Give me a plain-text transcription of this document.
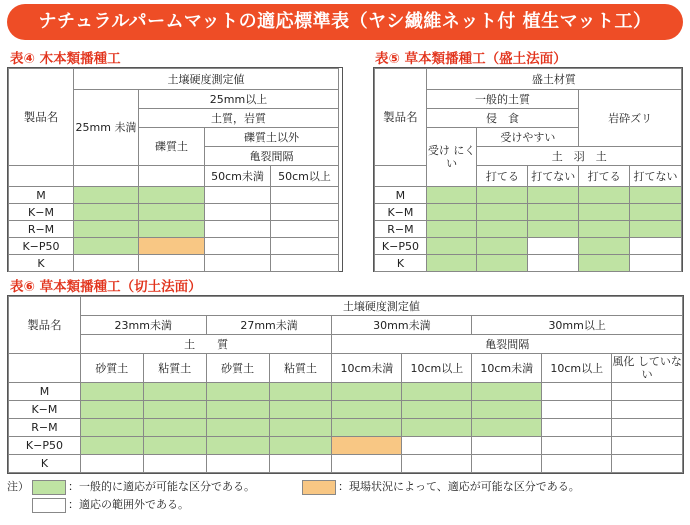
ナチュラルパームマットの適応標準表（ヤシ繊維ネット付 植生マット工）
表④ 木本類播種工
製品名	土壌硬度測定値			
	25mm 未満	25mm以上		
		土質，岩質		
		礫質土	礫質土以外	
			亀裂間隔	
			50cm未満	50cm以上
M				
K−M				
R−M				
K−P50				
K				
表⑤ 草本類播種工（盛土法面）
製品名	盛土材質				
	一般的土質			岩砕ズリ	
	侵　食				
	受け にくい	受けやすい			
		土　羽　土			
		打てる	打てない	打てる	打てない
M					
K−M					
R−M					
K−P50					
K					
表⑥ 草本類播種工（切土法面）
製品名	土壌硬度測定値								
	23mm未満		27mm未満		30mm未満		30mm以上		
	土　　質				亀裂間隔				
	砂質土	粘質土	砂質土	粘質土	10cm未満	10cm以上	10cm未満	10cm以上	風化 していない
M									
K−M									
R−M									
K−P50									
K									
注）	：一般的に適応が可能な区分である。	：現場状況によって、適応が可能な区分である。
：適応の範囲外である。
